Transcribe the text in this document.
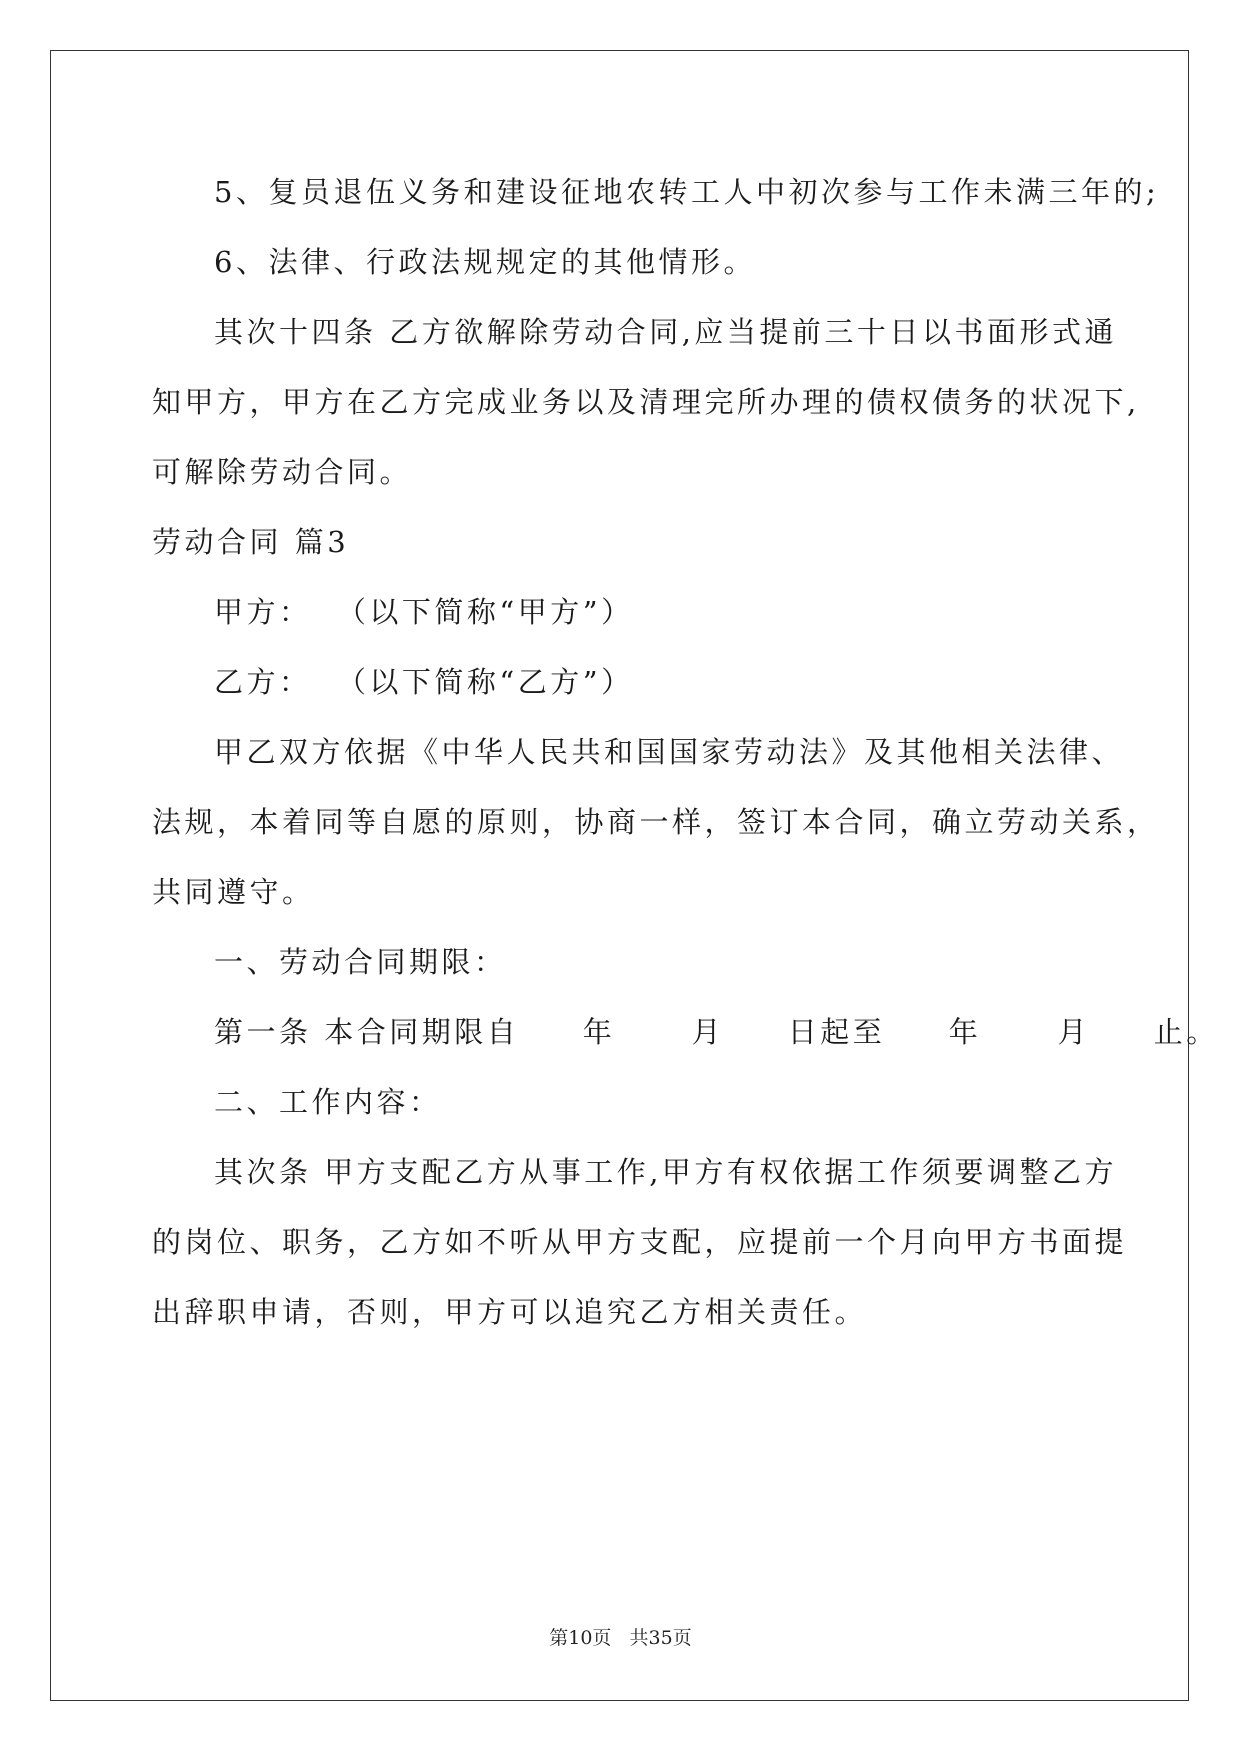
5、复员退伍义务和建设征地农转工人中初次参与工作未满三年的;
6、法律、行政法规规定的其他情形。
其次十四条 乙方欲解除劳动合同,应当提前三十日以书面形式通
知甲方，甲方在乙方完成业务以及清理完所办理的债权债务的状况下,
可解除劳动合同。
劳动合同 篇3
甲方：  （以下简称“甲方”）
乙方：  （以下简称“乙方”）
甲乙双方依据《中华人民共和国国家劳动法》及其他相关法律、
法规，本着同等自愿的原则，协商一样，签订本合同，确立劳动关系，
共同遵守。
一、劳动合同期限：
第一条 本合同期限自     年      月     日起至     年      月     止。
二、工作内容：
其次条 甲方支配乙方从事工作,甲方有权依据工作须要调整乙方
的岗位、职务，乙方如不听从甲方支配，应提前一个月向甲方书面提
出辞职申请，否则，甲方可以追究乙方相关责任。
第10页   共35页
